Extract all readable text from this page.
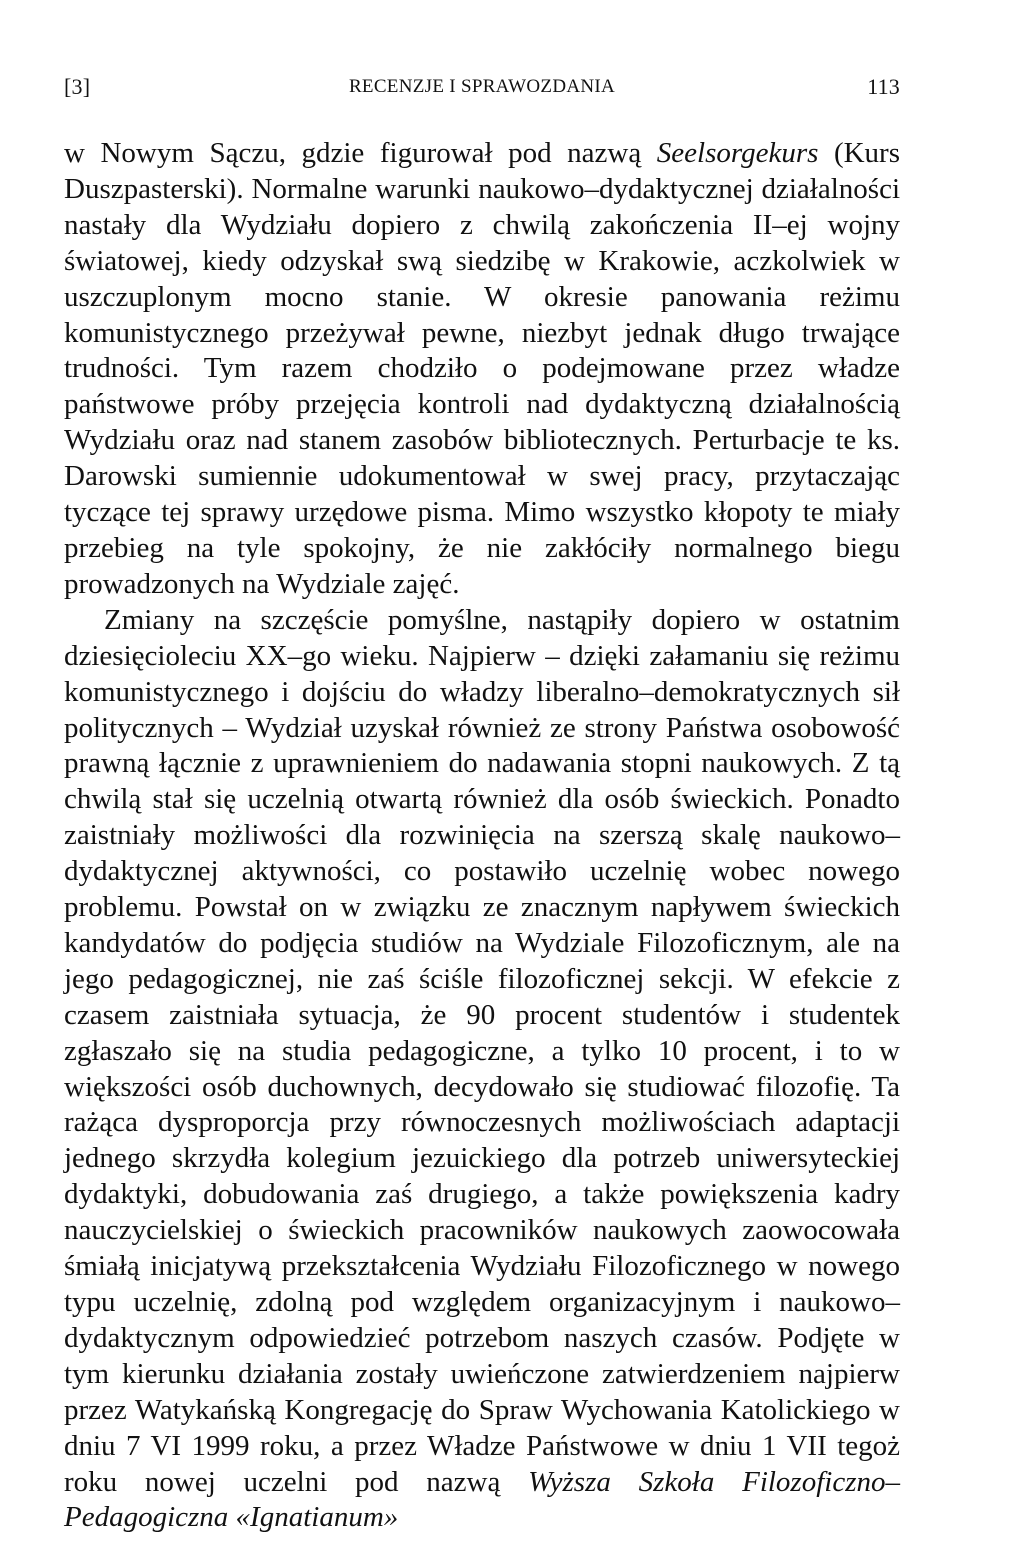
[3]	RECENZJE I SPRAWOZDANIA	113

w Nowym Sączu, gdzie figurował pod nazwą Seelsorgekurs (Kurs Duszpasterski). Normalne warunki naukowo–dydaktycznej działalności nastały dla Wydziału dopiero z chwilą zakończenia II–ej wojny światowej, kiedy odzyskał swą siedzibę w Krakowie, aczkolwiek w uszczuplonym mocno stanie. W okresie panowania reżimu komunistycznego przeżywał pewne, niezbyt jednak długo trwające trudności. Tym razem chodziło o podejmowane przez władze państwowe próby przejęcia kontroli nad dydaktyczną działalnością Wydziału oraz nad stanem zasobów bibliotecznych. Perturbacje te ks. Darowski sumiennie udokumentował w swej pracy, przytaczając tyczące tej sprawy urzędowe pisma. Mimo wszystko kłopoty te miały przebieg na tyle spokojny, że nie zakłóciły normalnego biegu prowadzonych na Wydziale zajęć.

Zmiany na szczęście pomyślne, nastąpiły dopiero w ostatnim dziesięcioleciu XX–go wieku. Najpierw – dzięki załamaniu się reżimu komunistycznego i dojściu do władzy liberalno–demokratycznych sił politycznych – Wydział uzyskał również ze strony Państwa osobowość prawną łącznie z uprawnieniem do nadawania stopni naukowych. Z tą chwilą stał się uczelnią otwartą również dla osób świeckich. Ponadto zaistniały możliwości dla rozwinięcia na szerszą skalę naukowo–dydaktycznej aktywności, co postawiło uczelnię wobec nowego problemu. Powstał on w związku ze znacznym napływem świeckich kandydatów do podjęcia studiów na Wydziale Filozoficznym, ale na jego pedagogicznej, nie zaś ściśle filozoficznej sekcji. W efekcie z czasem zaistniała sytuacja, że 90 procent studentów i studentek zgłaszało się na studia pedagogiczne, a tylko 10 procent, i to w większości osób duchownych, decydowało się studiować filozofię. Ta rażąca dysproporcja przy równoczesnych możliwościach adaptacji jednego skrzydła kolegium jezuickiego dla potrzeb uniwersyteckiej dydaktyki, dobudowania zaś drugiego, a także powiększenia kadry nauczycielskiej o świeckich pracowników naukowych zaowocowała śmiałą inicjatywą przekształcenia Wydziału Filozoficznego w nowego typu uczelnię, zdolną pod względem organizacyjnym i naukowo–dydaktycznym odpowiedzieć potrzebom naszych czasów. Podjęte w tym kierunku działania zostały uwieńczone zatwierdzeniem najpierw przez Watykańską Kongregację do Spraw Wychowania Katolickiego w dniu 7 VI 1999 roku, a przez Władze Państwowe w dniu 1 VII tegoż roku nowej uczelni pod nazwą Wyższa Szkoła Filozoficzno–Pedagogiczna «Ignatianum»
